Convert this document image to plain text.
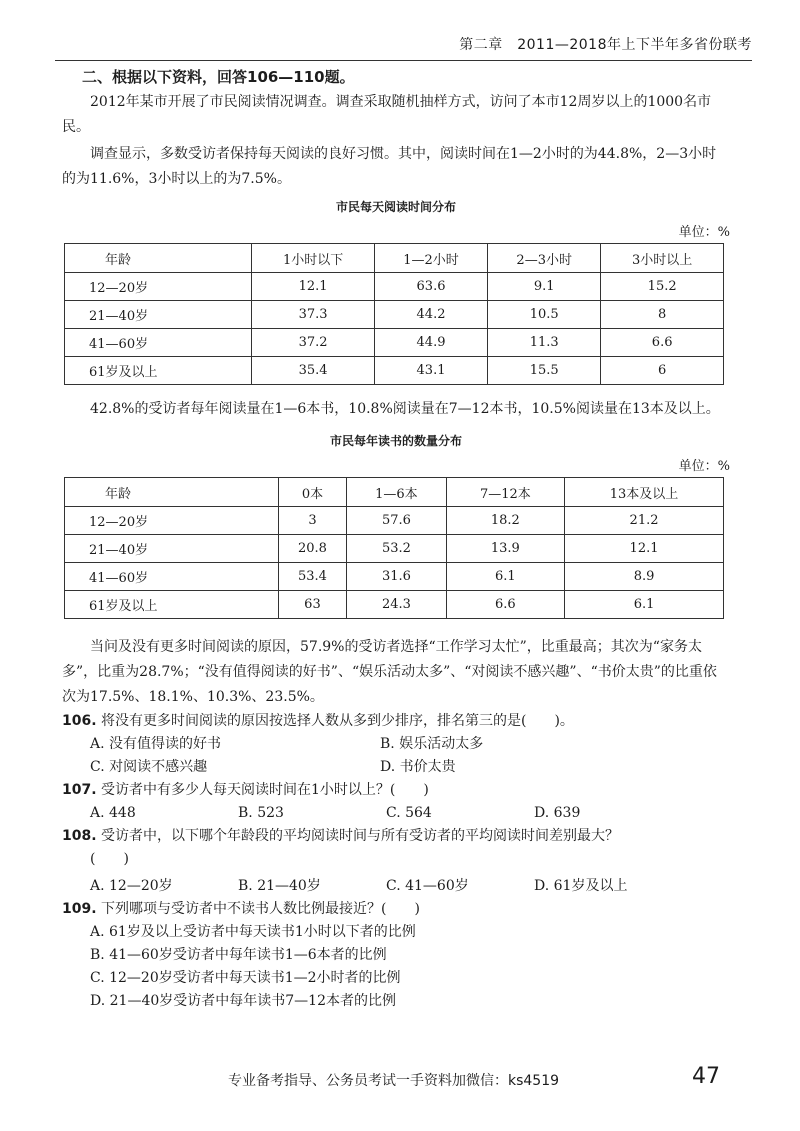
第二章　2011—2018年上下半年多省份联考

二、根据以下资料，回答106—110题。

2012年某市开展了市民阅读情况调查。调查采取随机抽样方式，访问了本市12周岁以上的1000名市民。

调查显示，多数受访者保持每天阅读的良好习惯。其中，阅读时间在1—2小时的为44.8%，2—3小时的为11.6%，3小时以上的为7.5%。

市民每天阅读时间分布
单位：%
年龄	1小时以下	1—2小时	2—3小时	3小时以上
12—20岁	12.1	63.6	9.1	15.2
21—40岁	37.3	44.2	10.5	8
41—60岁	37.2	44.9	11.3	6.6
61岁及以上	35.4	43.1	15.5	6

42.8%的受访者每年阅读量在1—6本书，10.8%阅读量在7—12本书，10.5%阅读量在13本及以上。

市民每年读书的数量分布
单位：%
年龄	0本	1—6本	7—12本	13本及以上
12—20岁	3	57.6	18.2	21.2
21—40岁	20.8	53.2	13.9	12.1
41—60岁	53.4	31.6	6.1	8.9
61岁及以上	63	24.3	6.6	6.1

当问及没有更多时间阅读的原因，57.9%的受访者选择“工作学习太忙”，比重最高；其次为“家务太多”，比重为28.7%；“没有值得阅读的好书”、“娱乐活动太多”、“对阅读不感兴趣”、“书价太贵”的比重依次为17.5%、18.1%、10.3%、23.5%。

106. 将没有更多时间阅读的原因按选择人数从多到少排序，排名第三的是(　　)。
A. 没有值得读的好书	B. 娱乐活动太多
C. 对阅读不感兴趣	D. 书价太贵
107. 受访者中有多少人每天阅读时间在1小时以上？(　　)
A. 448	B. 523	C. 564	D. 639
108. 受访者中，以下哪个年龄段的平均阅读时间与所有受访者的平均阅读时间差别最大？
(　　)
A. 12—20岁	B. 21—40岁	C. 41—60岁	D. 61岁及以上
109. 下列哪项与受访者中不读书人数比例最接近？(　　)
A. 61岁及以上受访者中每天读书1小时以下者的比例
B. 41—60岁受访者中每年读书1—6本者的比例
C. 12—20岁受访者中每天读书1—2小时者的比例
D. 21—40岁受访者中每年读书7—12本者的比例
专业备考指导、公务员考试一手资料加微信：ks4519	47
